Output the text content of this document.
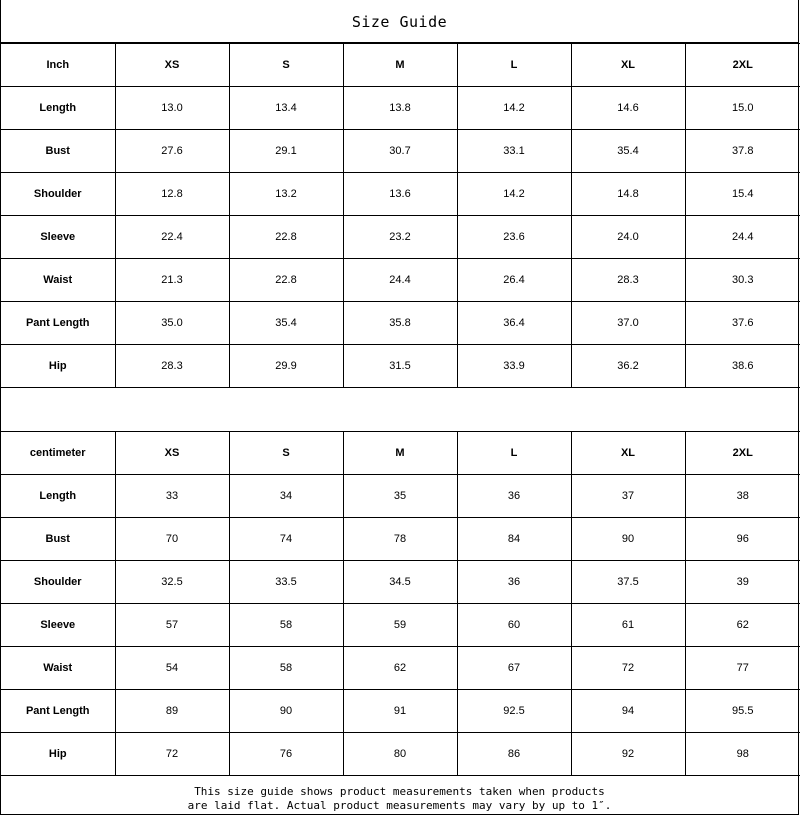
Size Guide
Inch	XS	S	M	L	XL	2XL
Length	13.0	13.4	13.8	14.2	14.6	15.0
Bust	27.6	29.1	30.7	33.1	35.4	37.8
Shoulder	12.8	13.2	13.6	14.2	14.8	15.4
Sleeve	22.4	22.8	23.2	23.6	24.0	24.4
Waist	21.3	22.8	24.4	26.4	28.3	30.3
Pant Length	35.0	35.4	35.8	36.4	37.0	37.6
Hip	28.3	29.9	31.5	33.9	36.2	38.6
centimeter	XS	S	M	L	XL	2XL
Length	33	34	35	36	37	38
Bust	70	74	78	84	90	96
Shoulder	32.5	33.5	34.5	36	37.5	39
Sleeve	57	58	59	60	61	62
Waist	54	58	62	67	72	77
Pant Length	89	90	91	92.5	94	95.5
Hip	72	76	80	86	92	98
This size guide shows product measurements taken when products
are laid flat. Actual product measurements may vary by up to 1″.
